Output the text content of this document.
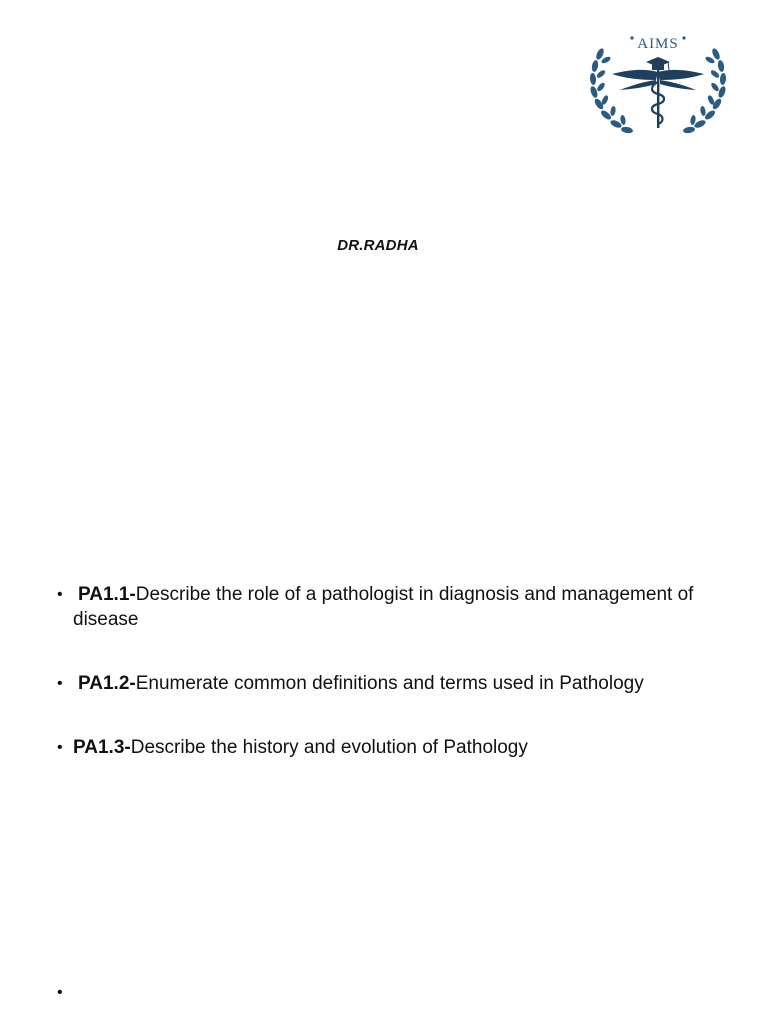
AIMS
DR.RADHA
• PA1.1-Describe the role of a pathologist in diagnosis and management of disease
• PA1.2-Enumerate common definitions and terms used in Pathology
• PA1.3-Describe the history and evolution of Pathology
•
